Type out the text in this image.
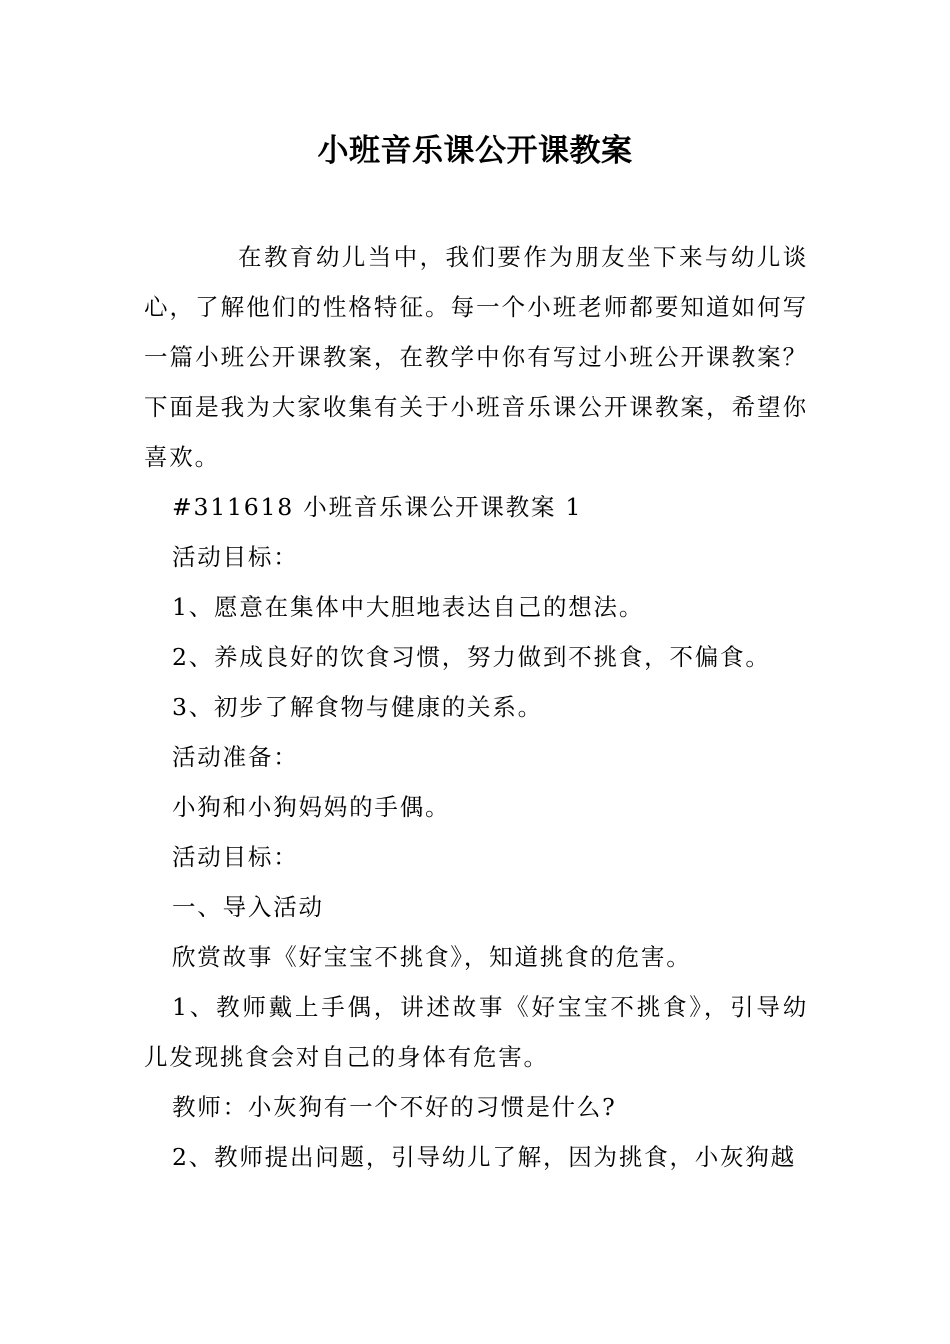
小班音乐课公开课教案

在教育幼儿当中，我们要作为朋友坐下来与幼儿谈心，了解他们的性格特征。每一个小班老师都要知道如何写一篇小班公开课教案，在教学中你有写过小班公开课教案？下面是我为大家收集有关于小班音乐课公开课教案，希望你喜欢。

#311618 小班音乐课公开课教案 1

活动目标：

1、愿意在集体中大胆地表达自己的想法。

2、养成良好的饮食习惯，努力做到不挑食，不偏食。

3、初步了解食物与健康的关系。

活动准备：

小狗和小狗妈妈的手偶。

活动目标：

一、导入活动

欣赏故事《好宝宝不挑食》，知道挑食的危害。

1、教师戴上手偶，讲述故事《好宝宝不挑食》，引导幼儿发现挑食会对自己的身体有危害。

教师：小灰狗有一个不好的习惯是什么?

2、教师提出问题，引导幼儿了解，因为挑食，小灰狗越
